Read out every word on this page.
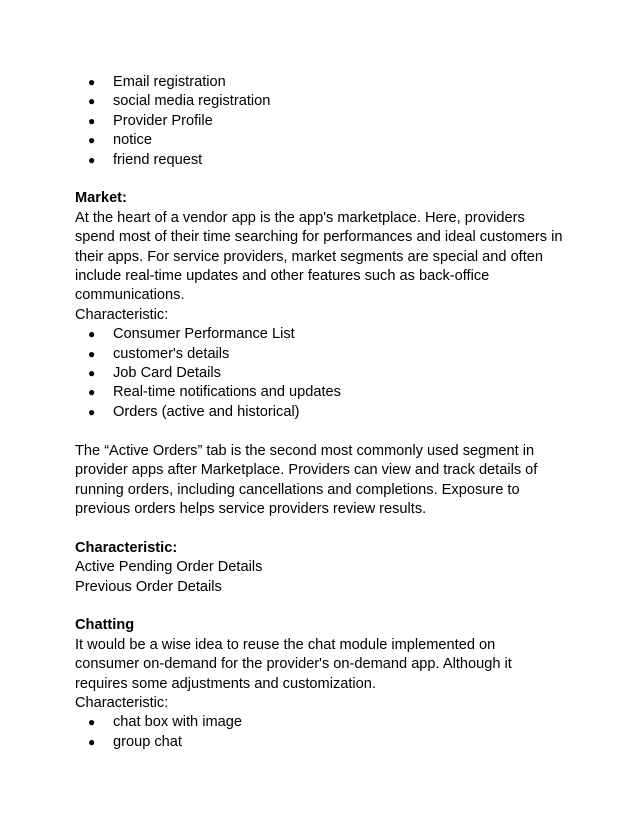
● Email registration
● social media registration
● Provider Profile
● notice
● friend request
Market:
At the heart of a vendor app is the app's marketplace. Here, providers
spend most of their time searching for performances and ideal customers in
their apps. For service providers, market segments are special and often
include real-time updates and other features such as back-office
communications.
Characteristic:
● Consumer Performance List
● customer's details
● Job Card Details
● Real-time notifications and updates
● Orders (active and historical)
The “Active Orders” tab is the second most commonly used segment in
provider apps after Marketplace. Providers can view and track details of
running orders, including cancellations and completions. Exposure to
previous orders helps service providers review results.
Characteristic:
Active Pending Order Details
Previous Order Details
Chatting
It would be a wise idea to reuse the chat module implemented on
consumer on-demand for the provider's on-demand app. Although it
requires some adjustments and customization.
Characteristic:
● chat box with image
● group chat
